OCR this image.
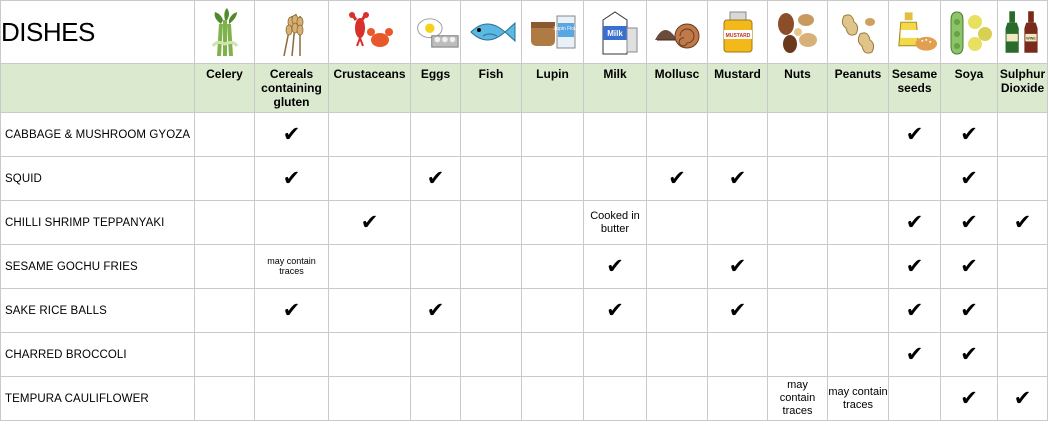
DISHES						Lupin Flour	Milk		MUSTARD					WINE

	Celery	Cereals containing gluten	Crustaceans	Eggs	Fish	Lupin	Milk	Mollusc	Mustard	Nuts	Peanuts	Sesame seeds	Soya	Sulphur Dioxide
CABBAGE & MUSHROOM GYOZA		✔										✔	✔	
SQUID		✔		✔				✔	✔				✔	
CHILLI SHRIMP TEPPANYAKI			✔				Cooked in butter					✔	✔	✔
SESAME GOCHU FRIES		may contain traces					✔		✔			✔	✔	
SAKE RICE BALLS		✔		✔			✔		✔			✔	✔	
CHARRED BROCCOLI												✔	✔	
TEMPURA CAULIFLOWER										may contain traces	may contain traces		✔	✔
